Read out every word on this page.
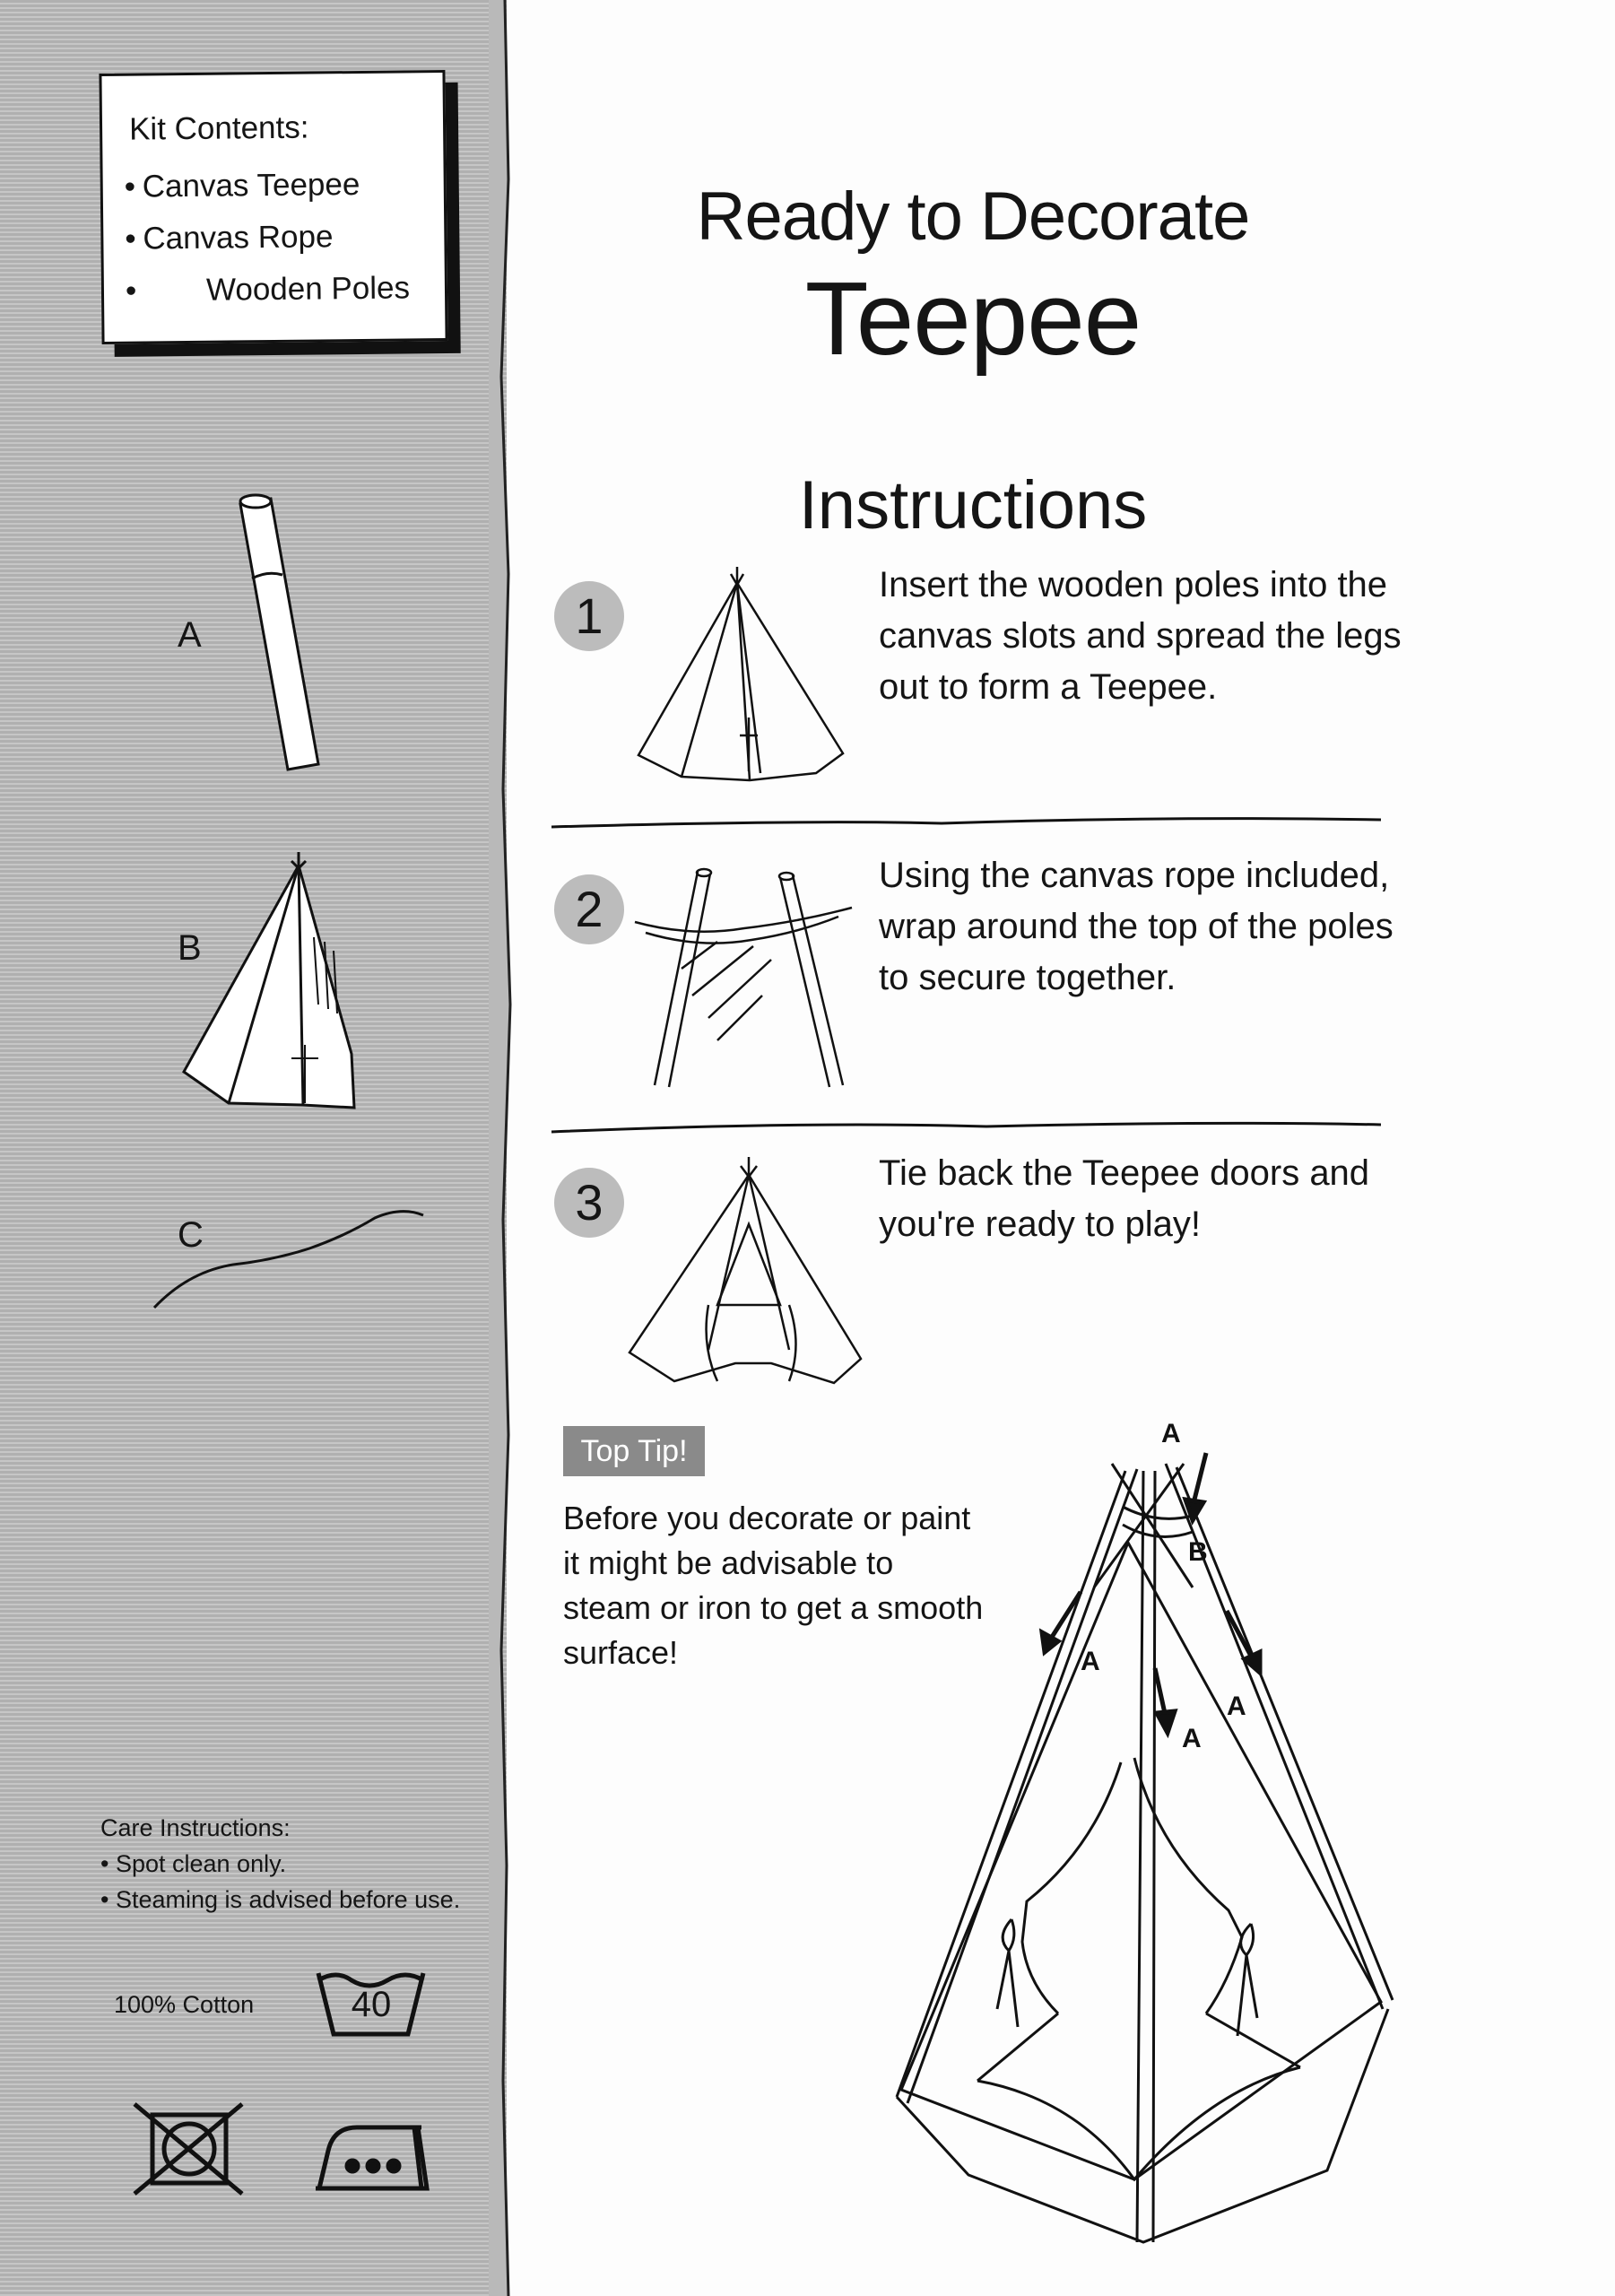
Kit Contents:
• Canvas Teepee
• Canvas Rope
• Wooden Poles
A
B
C
Care Instructions:
• Spot clean only.
• Steaming is advised before use.
100% Cotton	40
Ready to Decorate
Teepee
Instructions
1
Insert the wooden poles into the
canvas slots and spread the legs
out to form a Teepee.
2
Using the canvas rope included,
wrap around the top of the poles
to secure together.
3
Tie back the Teepee doors and
you're ready to play!
A
B
A
A
A
Top Tip!
Before you decorate or paint
it might be advisable to
steam or iron to get a smooth
surface!
